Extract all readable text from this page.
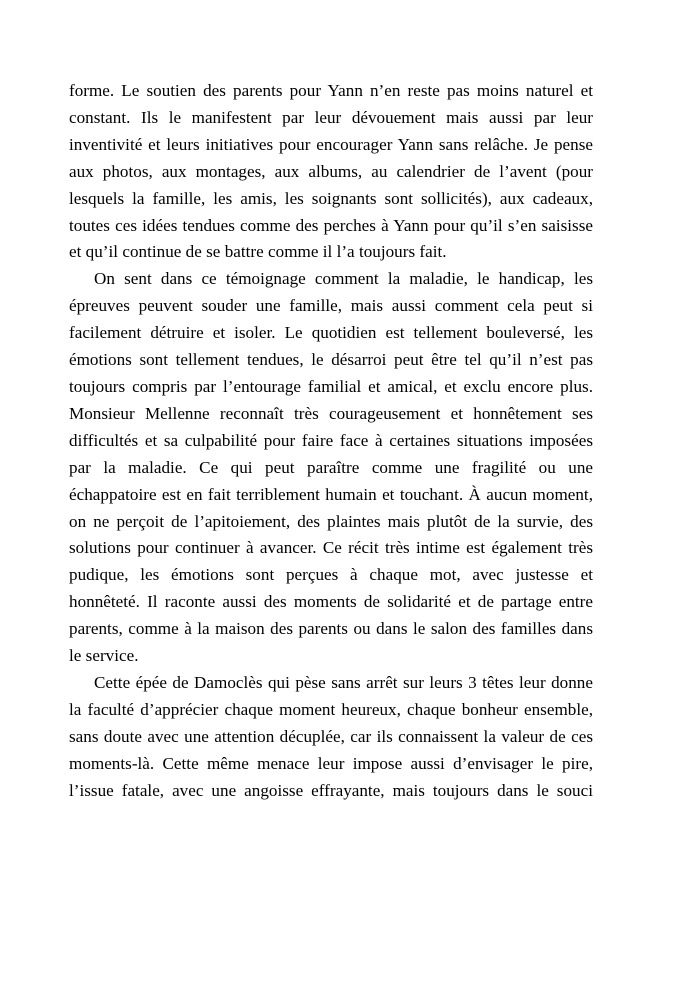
forme. Le soutien des parents pour Yann n’en reste pas moins naturel et constant. Ils le manifestent par leur dévouement mais aussi par leur inventivité et leurs initiatives pour encourager Yann sans relâche. Je pense aux photos, aux montages, aux albums, au calendrier de l’avent (pour lesquels la famille, les amis, les soignants sont sollicités), aux cadeaux, toutes ces idées tendues comme des perches à Yann pour qu’il s’en saisisse et qu’il continue de se battre comme il l’a toujours fait.

On sent dans ce témoignage comment la maladie, le handicap, les épreuves peuvent souder une famille, mais aussi comment cela peut si facilement détruire et isoler. Le quotidien est tellement bouleversé, les émotions sont tellement tendues, le désarroi peut être tel qu’il n’est pas toujours compris par l’entourage familial et amical, et exclu encore plus. Monsieur Mellenne reconnaît très courageusement et honnêtement ses difficultés et sa culpabilité pour faire face à certaines situations imposées par la maladie. Ce qui peut paraître comme une fragilité ou une échappatoire est en fait terriblement humain et touchant. À aucun moment, on ne perçoit de l’apitoiement, des plaintes mais plutôt de la survie, des solutions pour continuer à avancer. Ce récit très intime est également très pudique, les émotions sont perçues à chaque mot, avec justesse et honnêteté. Il raconte aussi des moments de solidarité et de partage entre parents, comme à la maison des parents ou dans le salon des familles dans le service.

Cette épée de Damoclès qui pèse sans arrêt sur leurs 3 têtes leur donne la faculté d’apprécier chaque moment heureux, chaque bonheur ensemble, sans doute avec une attention décuplée, car ils connaissent la valeur de ces moments-là. Cette même menace leur impose aussi d’envisager le pire, l’issue fatale, avec une angoisse effrayante, mais toujours dans le souci
